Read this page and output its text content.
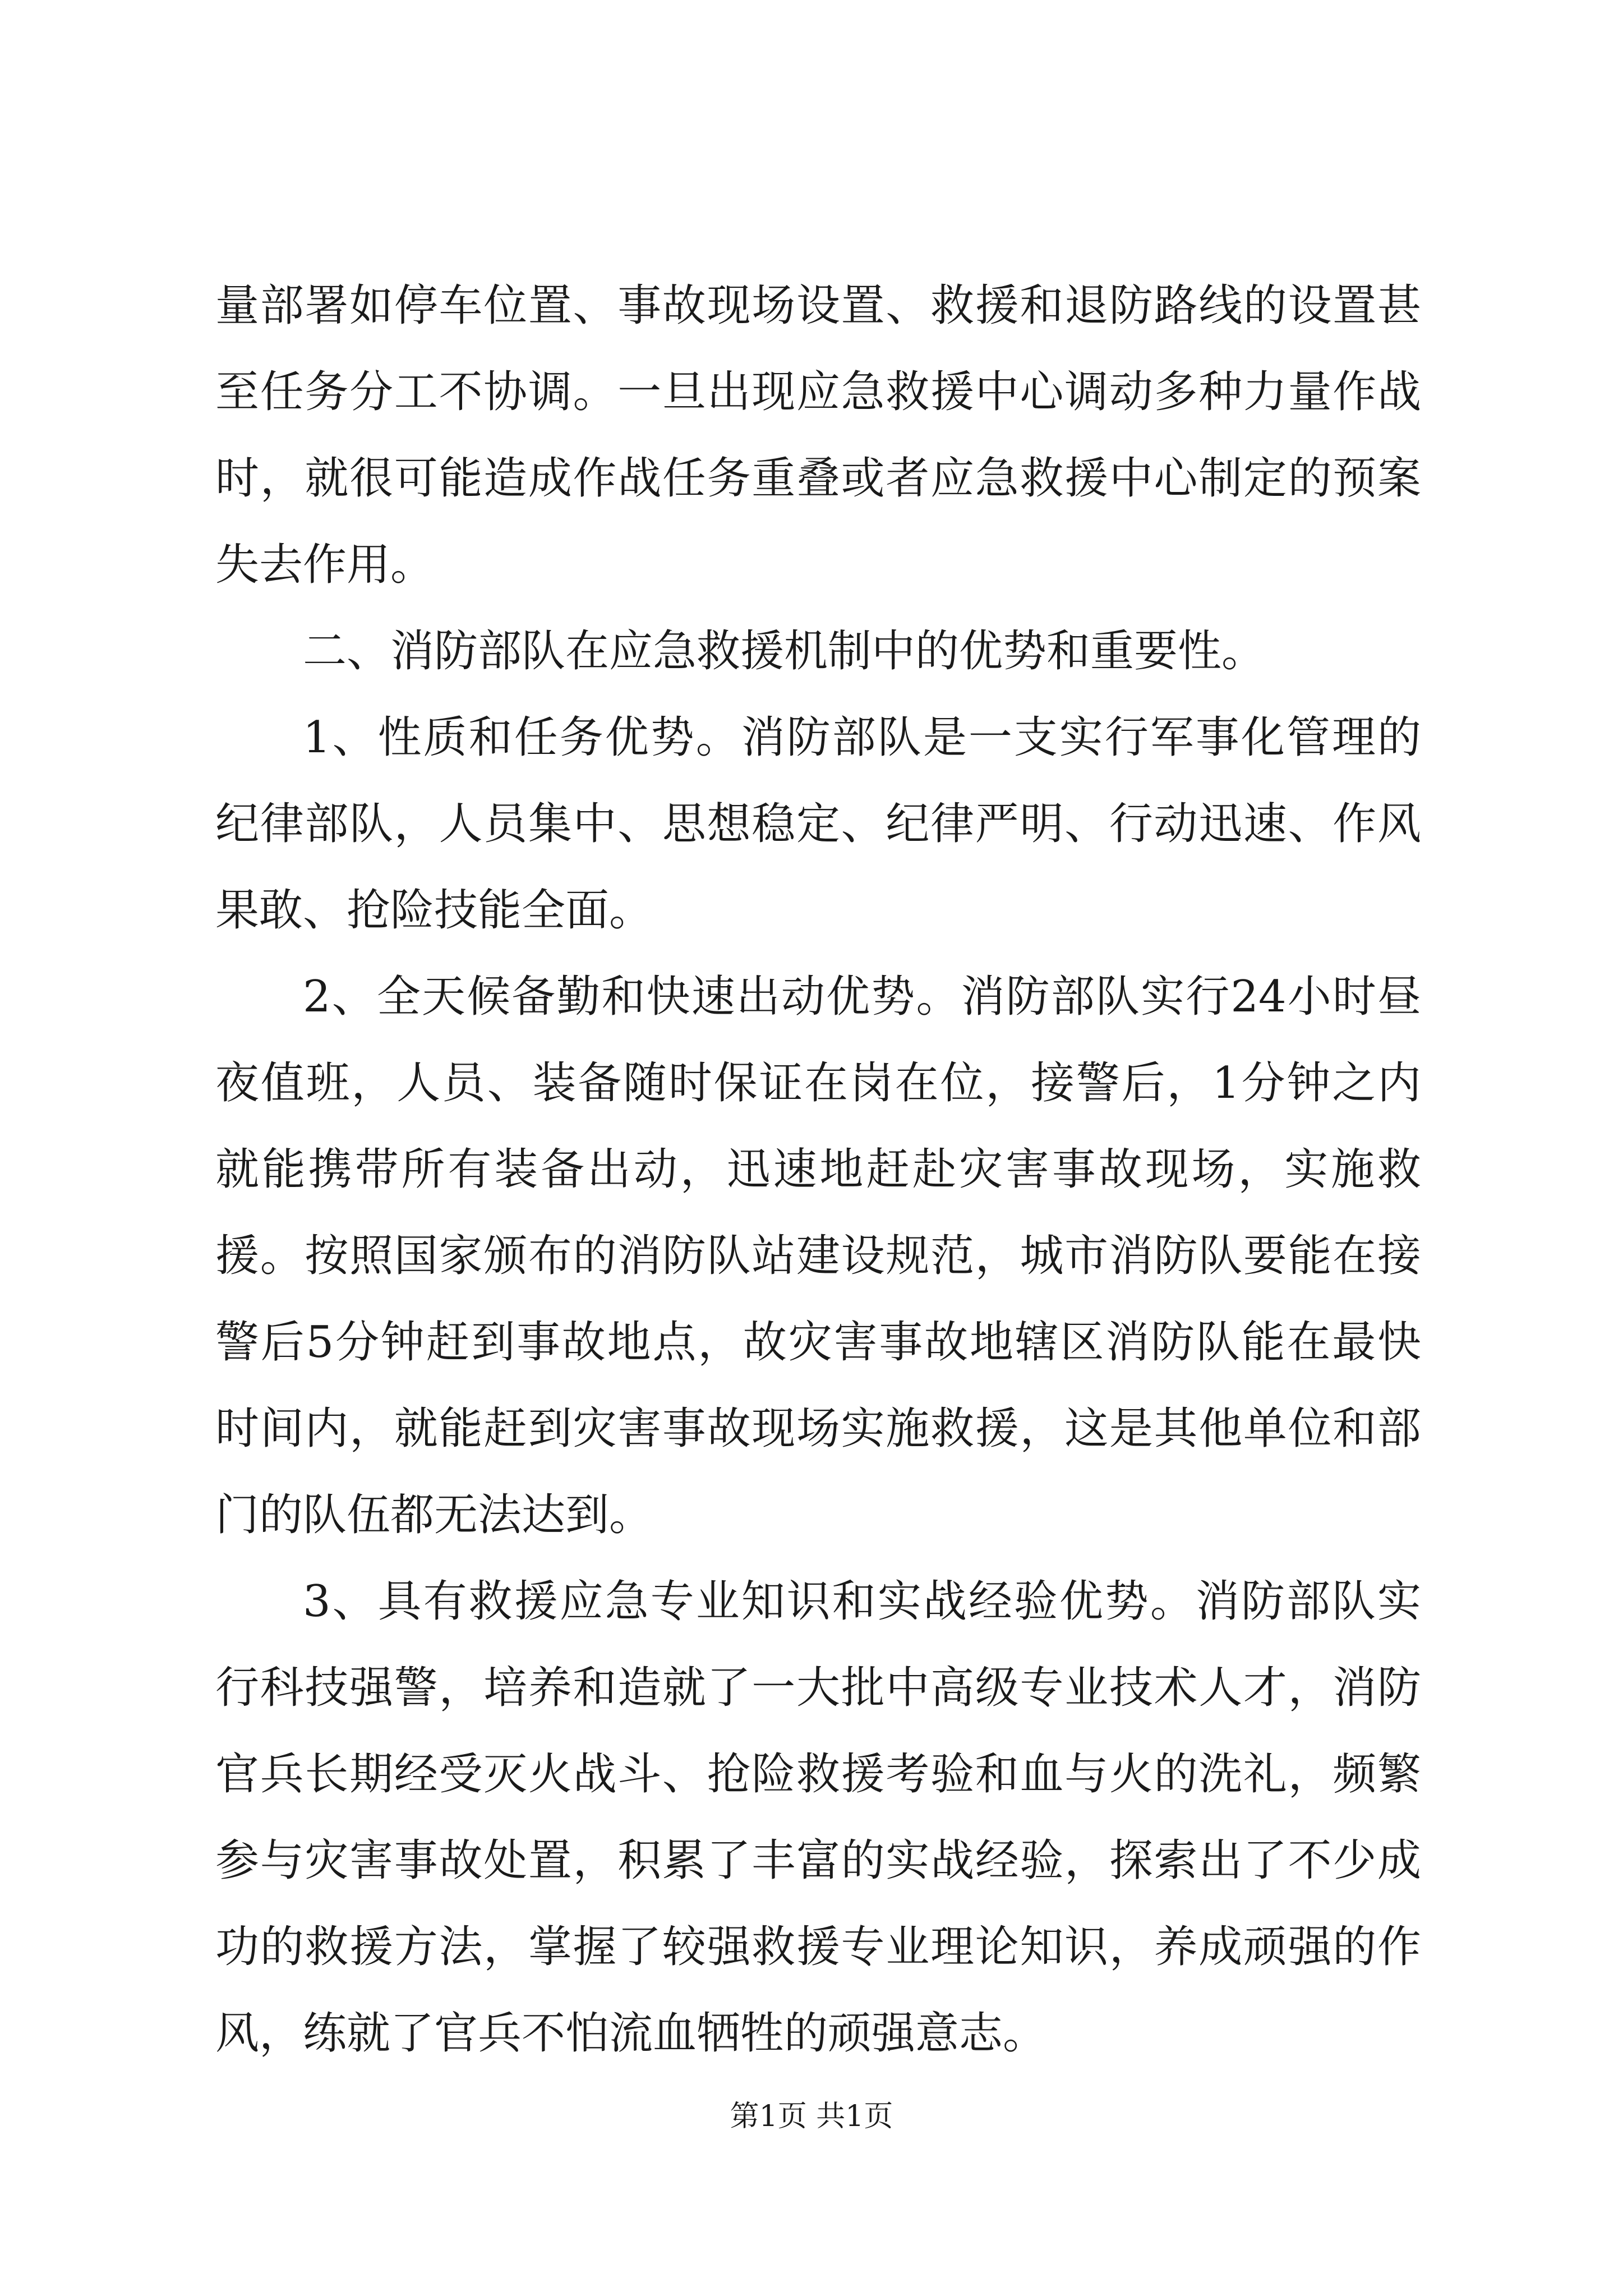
量部署如停车位置、事故现场设置、救援和退防路线的设置甚至任务分工不协调。一旦出现应急救援中心调动多种力量作战时，就很可能造成作战任务重叠或者应急救援中心制定的预案失去作用。

二、消防部队在应急救援机制中的优势和重要性。

1、性质和任务优势。消防部队是一支实行军事化管理的纪律部队，人员集中、思想稳定、纪律严明、行动迅速、作风果敢、抢险技能全面。

2、全天候备勤和快速出动优势。消防部队实行24小时昼夜值班，人员、装备随时保证在岗在位，接警后，1分钟之内就能携带所有装备出动，迅速地赶赴灾害事故现场，实施救援。按照国家颁布的消防队站建设规范，城市消防队要能在接警后5分钟赶到事故地点，故灾害事故地辖区消防队能在最快时间内，就能赶到灾害事故现场实施救援，这是其他单位和部门的队伍都无法达到。

3、具有救援应急专业知识和实战经验优势。消防部队实行科技强警，培养和造就了一大批中高级专业技术人才，消防官兵长期经受灭火战斗、抢险救援考验和血与火的洗礼，频繁参与灾害事故处置，积累了丰富的实战经验，探索出了不少成功的救援方法，掌握了较强救援专业理论知识，养成顽强的作风，练就了官兵不怕流血牺牲的顽强意志。

第1页 共1页
